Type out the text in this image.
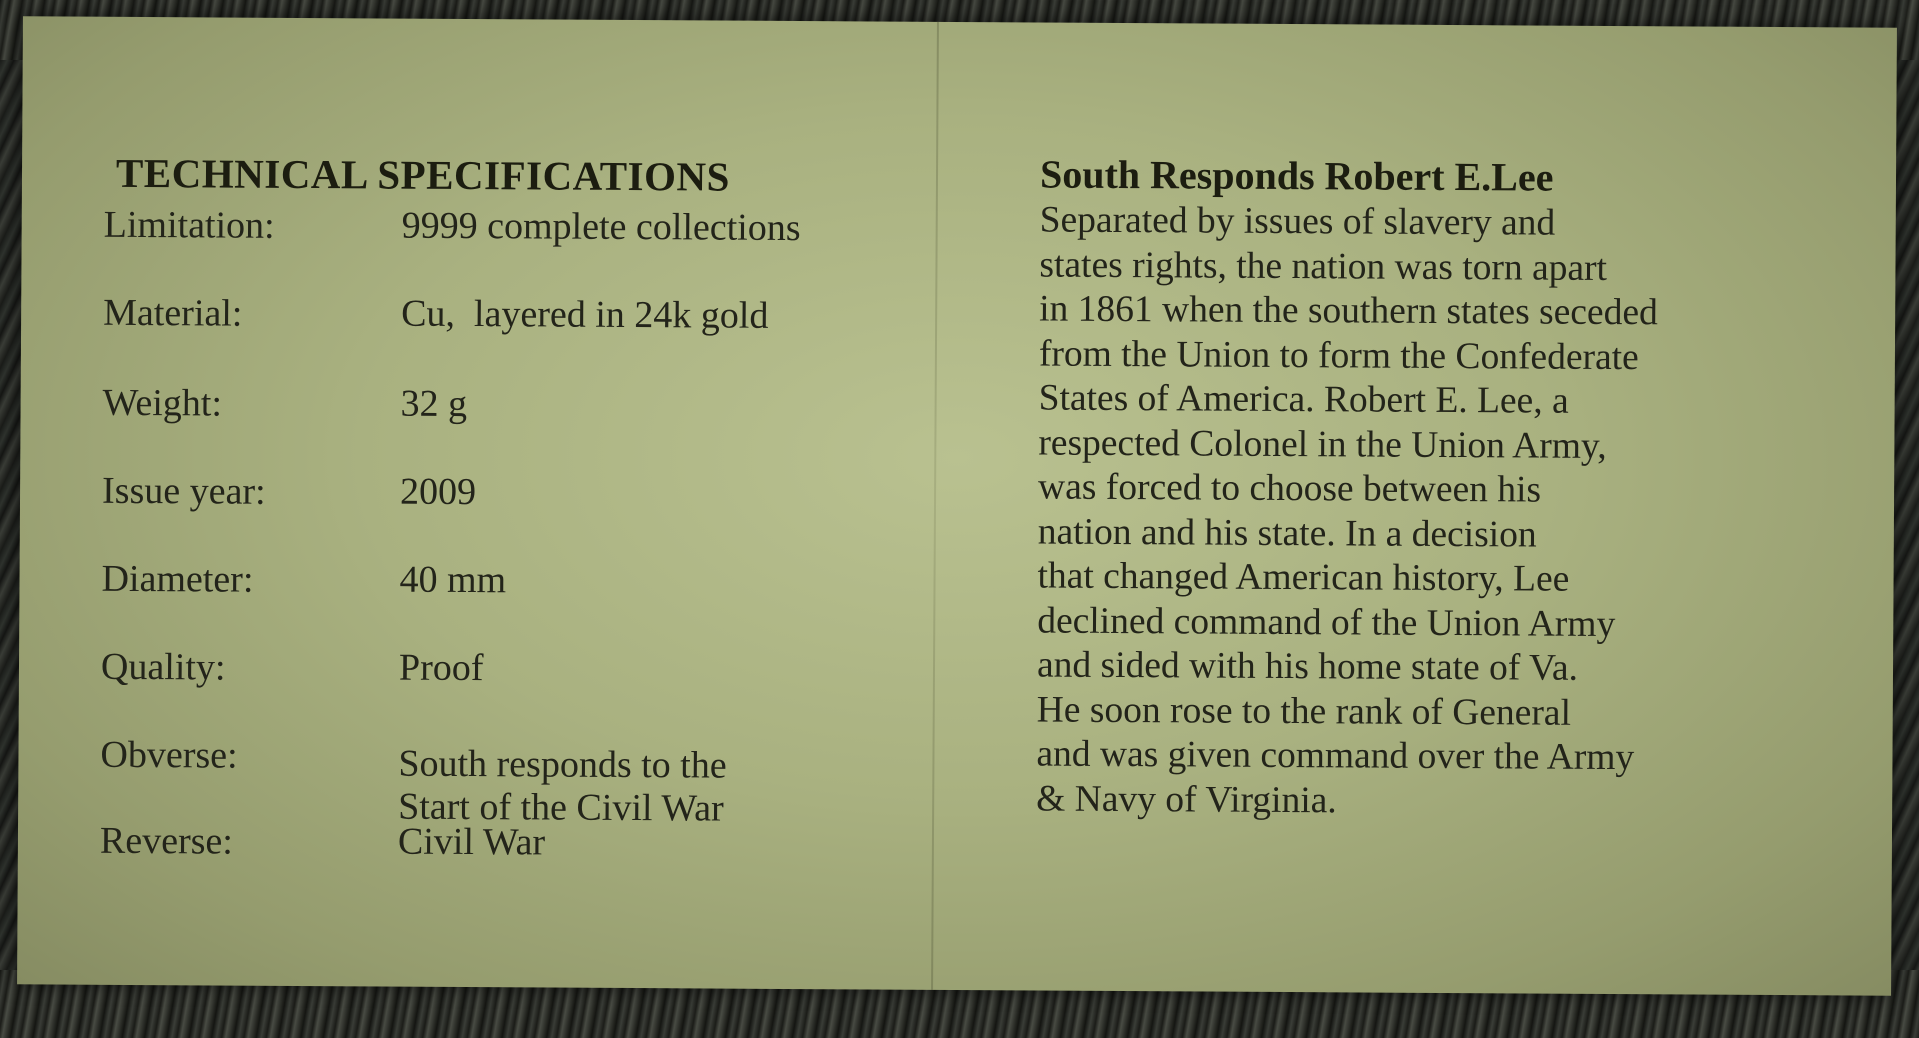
TECHNICAL SPECIFICATIONS
Limitation:	9999 complete collections
Material:	Cu,  layered in 24k gold
Weight:	32 g
Issue year:	2009
Diameter:	40 mm
Quality:	Proof
Obverse:	South responds to the
Start of the Civil War
Reverse:	Civil War
South Responds Robert E.Lee
Separated by issues of slavery and
states rights, the nation was torn apart
in 1861 when the southern states seceded
from the Union to form the Confederate
States of America. Robert E. Lee, a
respected Colonel in the Union Army,
was forced to choose between his
nation and his state. In a decision
that changed American history, Lee
declined command of the Union Army
and sided with his home state of Va.
He soon rose to the rank of General
and was given command over the Army
& Navy of Virginia.
